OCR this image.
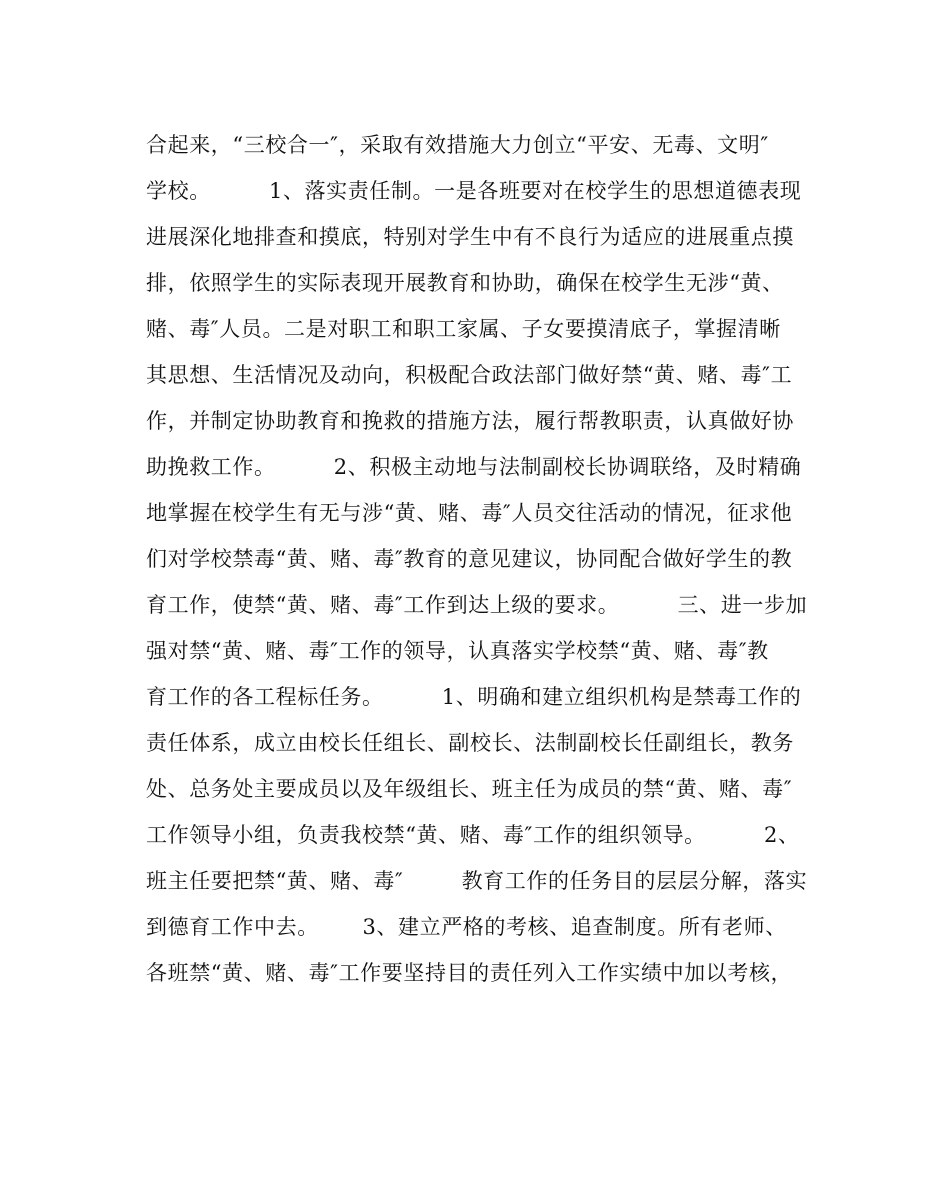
合起来，“三校合一″，采取有效措施大力创立“平安、无毒、文明″
学校。        1、落实责任制。一是各班要对在校学生的思想道德表现
进展深化地排查和摸底，特别对学生中有不良行为适应的进展重点摸
排，依照学生的实际表现开展教育和协助，确保在校学生无涉“黄、
赌、毒″人员。二是对职工和职工家属、子女要摸清底子，掌握清晰
其思想、生活情况及动向，积极配合政法部门做好禁“黄、赌、毒″工
作，并制定协助教育和挽救的措施方法，履行帮教职责，认真做好协
助挽救工作。        2、积极主动地与法制副校长协调联络，及时精确
地掌握在校学生有无与涉“黄、赌、毒″人员交往活动的情况，征求他
们对学校禁毒“黄、赌、毒″教育的意见建议，协同配合做好学生的教
育工作，使禁“黄、赌、毒″工作到达上级的要求。        三、进一步加
强对禁“黄、赌、毒″工作的领导，认真落实学校禁“黄、赌、毒″教
育工作的各工程标任务。        1、明确和建立组织机构是禁毒工作的
责任体系，成立由校长任组长、副校长、法制副校长任副组长，教务
处、总务处主要成员以及年级组长、班主任为成员的禁“黄、赌、毒″
工作领导小组，负责我校禁“黄、赌、毒″工作的组织领导。        2、
班主任要把禁“黄、赌、毒″        教育工作的任务目的层层分解，落实
到德育工作中去。      3、建立严格的考核、追查制度。所有老师、
各班禁“黄、赌、毒″工作要坚持目的责任列入工作实绩中加以考核，
